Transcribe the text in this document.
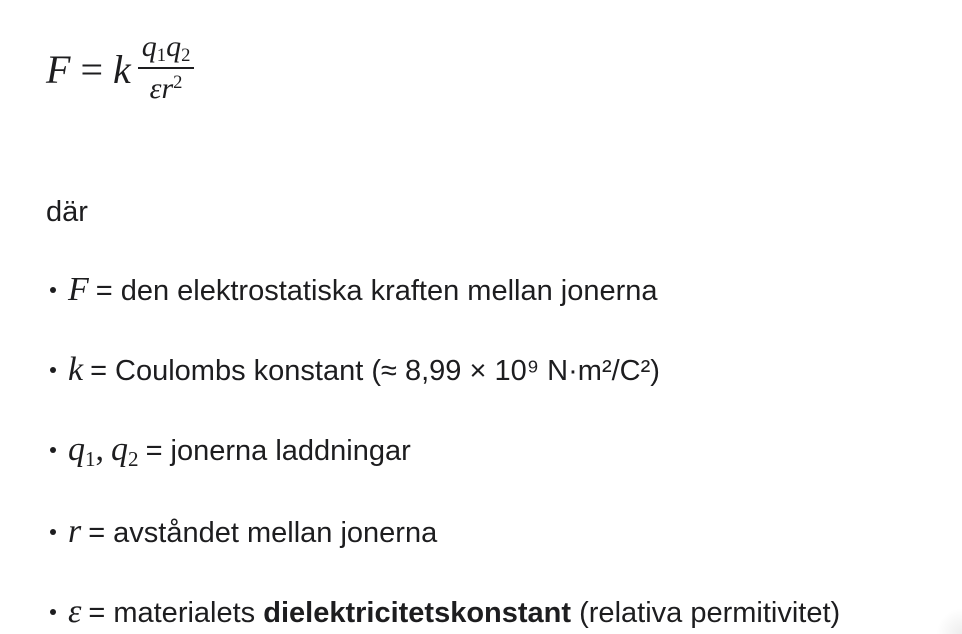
F = k $\frac{q1q2}{\varepsilon r^2}$

där

F = den elektrostatiska kraften mellan jonerna
k = Coulombs konstant (≈ 8,99 × 10⁹ N·m²/C²)
q1, q2 = jonerna laddningar
r = avståndet mellan jonerna
ε = materialets dielektricitetskonstant (relativa permitivitet)
